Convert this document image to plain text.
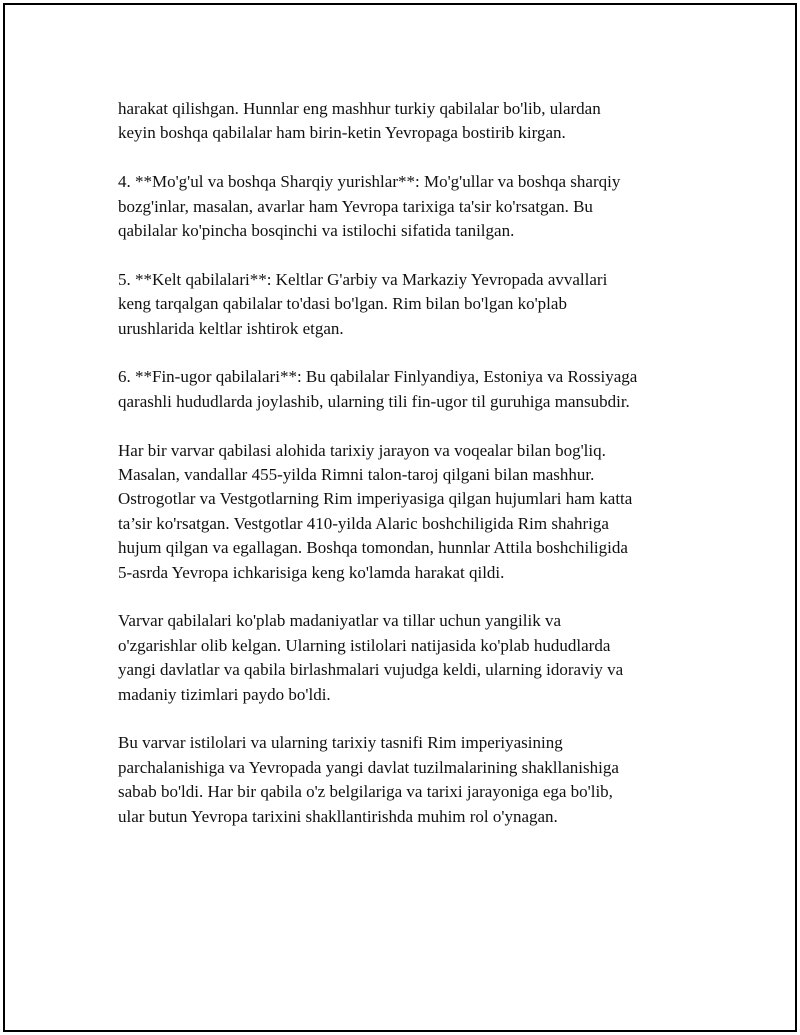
harakat qilishgan. Hunnlar eng mashhur turkiy qabilalar bo'lib, ulardan
keyin boshqa qabilalar ham birin-ketin Yevropaga bostirib kirgan.

4. **Mo'g'ul va boshqa Sharqiy yurishlar**: Mo'g'ullar va boshqa sharqiy
bozg'inlar, masalan, avarlar ham Yevropa tarixiga ta'sir ko'rsatgan. Bu
qabilalar ko'pincha bosqinchi va istilochi sifatida tanilgan.

5. **Kelt qabilalari**: Keltlar G'arbiy va Markaziy Yevropada avvallari
keng tarqalgan qabilalar to'dasi bo'lgan. Rim bilan bo'lgan ko'plab
urushlarida keltlar ishtirok etgan.

6. **Fin-ugor qabilalari**: Bu qabilalar Finlyandiya, Estoniya va Rossiyaga
qarashli hududlarda joylashib, ularning tili fin-ugor til guruhiga mansubdir.

Har bir varvar qabilasi alohida tarixiy jarayon va voqealar bilan bog'liq.
Masalan, vandallar 455-yilda Rimni talon-taroj qilgani bilan mashhur.
Ostrogotlar va Vestgotlarning Rim imperiyasiga qilgan hujumlari ham katta
ta’sir ko'rsatgan. Vestgotlar 410-yilda Alaric boshchiligida Rim shahriga
hujum qilgan va egallagan. Boshqa tomondan, hunnlar Attila boshchiligida
5-asrda Yevropa ichkarisiga keng ko'lamda harakat qildi.

Varvar qabilalari ko'plab madaniyatlar va tillar uchun yangilik va
o'zgarishlar olib kelgan. Ularning istilolari natijasida ko'plab hududlarda
yangi davlatlar va qabila birlashmalari vujudga keldi, ularning idoraviy va
madaniy tizimlari paydo bo'ldi.

Bu varvar istilolari va ularning tarixiy tasnifi Rim imperiyasining
parchalanishiga va Yevropada yangi davlat tuzilmalarining shakllanishiga
sabab bo'ldi. Har bir qabila o'z belgilariga va tarixi jarayoniga ega bo'lib,
ular butun Yevropa tarixini shakllantirishda muhim rol o'ynagan.
